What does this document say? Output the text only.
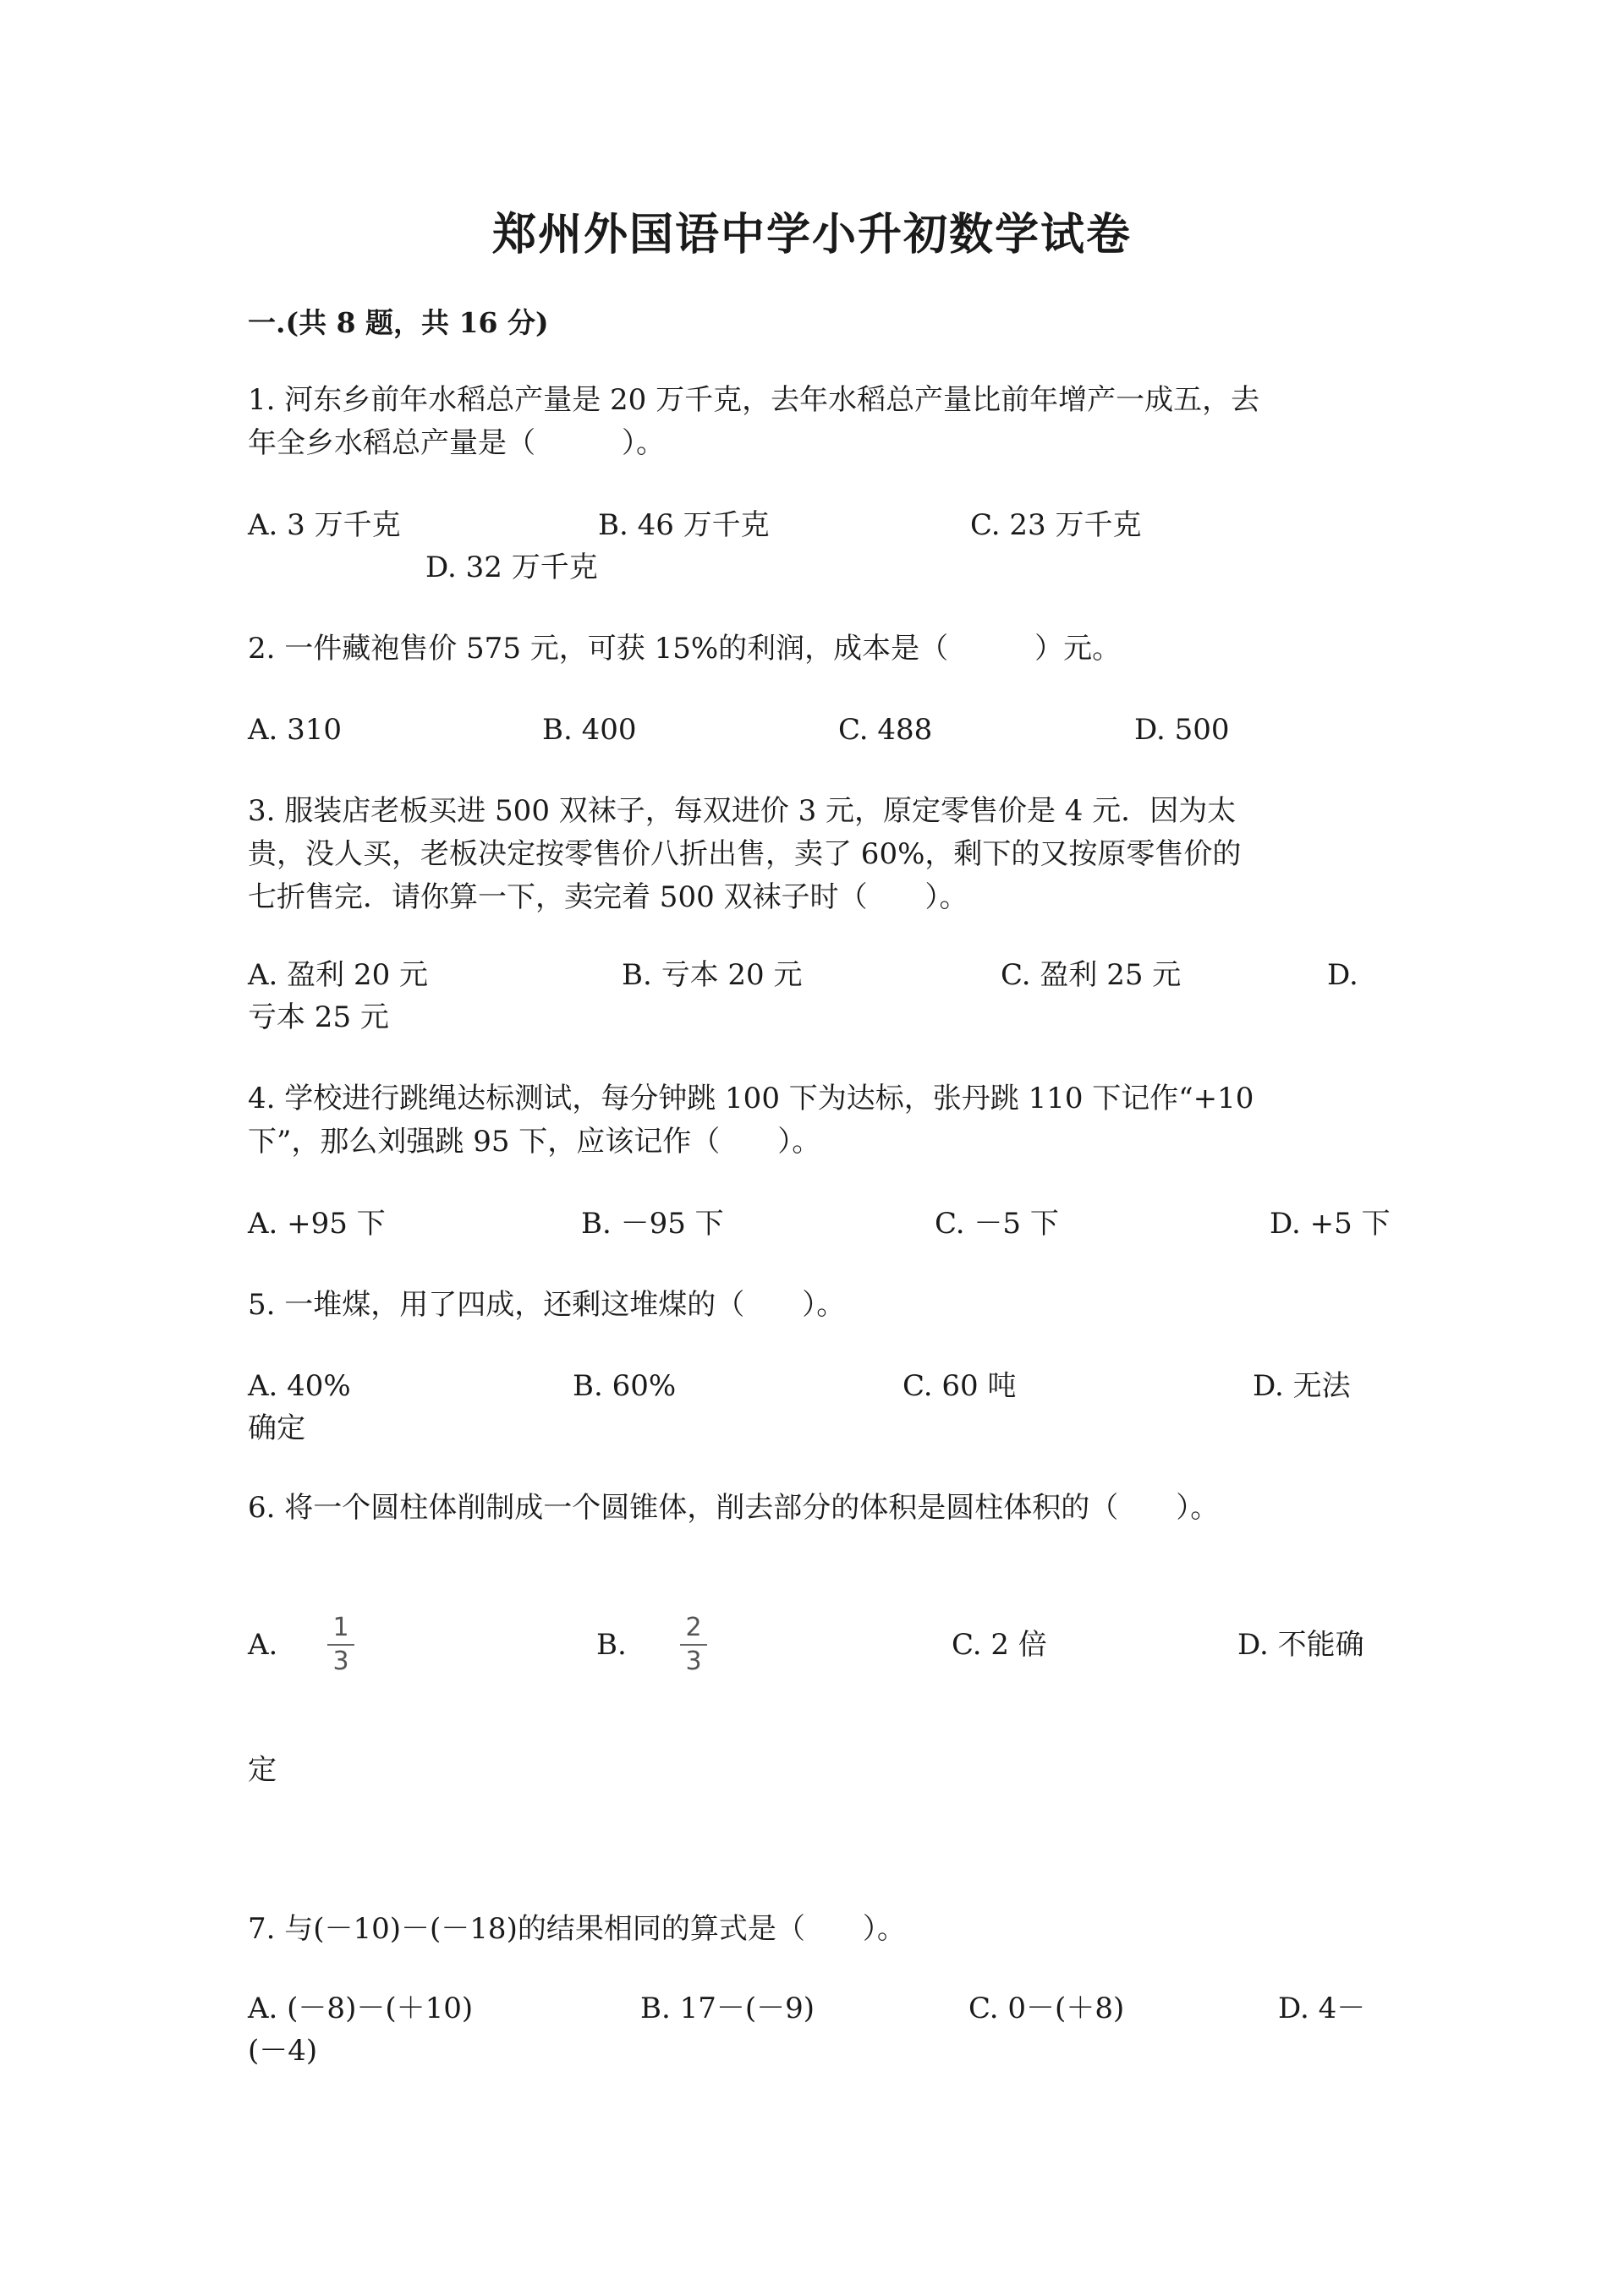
郑州外国语中学小升初数学试卷
一.(共 8 题，共 16 分)
1. 河东乡前年水稻总产量是 20 万千克，去年水稻总产量比前年增产一成五，去
年全乡水稻总产量是（　　　）。
A. 3 万千克	B. 46 万千克	C. 23 万千克
D. 32 万千克
2. 一件藏袍售价 575 元，可获 15%的利润，成本是（　　　）元。
A. 310	B. 400	C. 488	D. 500
3. 服装店老板买进 500 双袜子，每双进价 3 元，原定零售价是 4 元．因为太
贵，没人买，老板决定按零售价八折出售，卖了 60%，剩下的又按原零售价的
七折售完．请你算一下，卖完着 500 双袜子时（　　）。
A. 盈利 20 元	B. 亏本 20 元	C. 盈利 25 元	D.
亏本 25 元
4. 学校进行跳绳达标测试，每分钟跳 100 下为达标，张丹跳 110 下记作“+10
下”，那么刘强跳 95 下，应该记作（　　）。
A. +95 下	B. －95 下	C. －5 下	D. +5 下
5. 一堆煤，用了四成，还剩这堆煤的（　　）。
A. 40%	B. 60%	C. 60 吨	D. 无法
确定
6. 将一个圆柱体削制成一个圆锥体，削去部分的体积是圆柱体积的（　　）。
A.
1
3	B.
2
3	C. 2 倍	D. 不能确
定
7. 与(－10)－(－18)的结果相同的算式是（　　）。
A. (－8)－(＋10)	B. 17－(－9)	C. 0－(＋8)	D. 4－
(－4)
